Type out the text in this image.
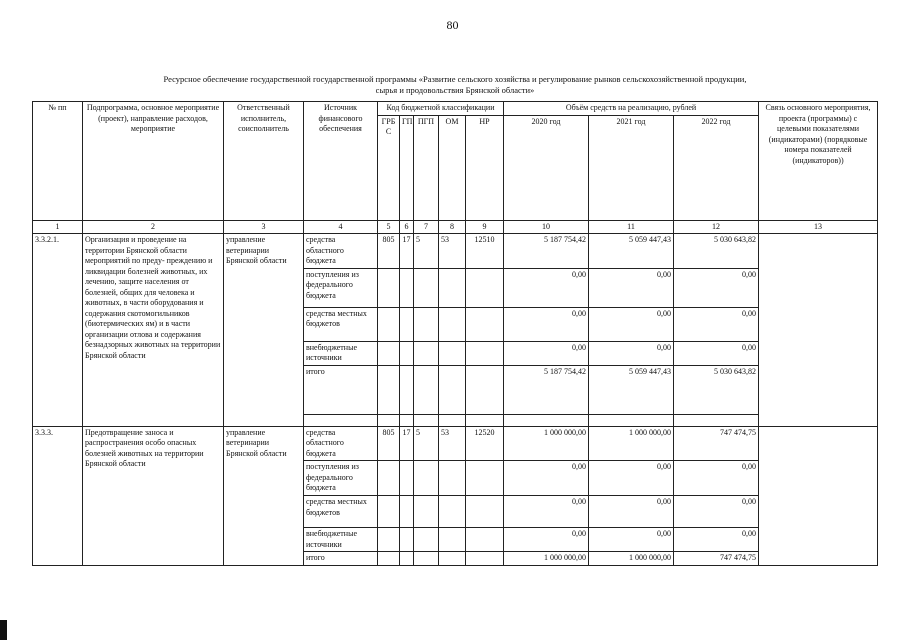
80
Ресурсное обеспечение государственной государственной программы «Развитие сельского хозяйства и регулирование рынков сельскохозяйственной продукции,
сырья и продовольствия Брянской области»
№ пп	Подпрограмма, основное мероприятие (проект), направление расходов, мероприятие	Ответственный исполнитель, соисполнитель	Источник финансового обеспечения	Код бюджетной классификации					Объём средств на реализацию, рублей			Связь основного мероприятия, проекта (программы) с целевыми показателями (индикаторами) (порядковые номера показателей (индикаторов))
				ГРБ С	ГП	ПГП	ОМ	НР	2020 год	2021 год	2022 год	
1	2	3	4	5	6	7	8	9	10	11	12	13
3.3.2.1.	Организация и проведение на территории Брянской области мероприятий по преду- преждению и ликвидации болезней животных, их лечению, защите населения от болезней, общих для человека и животных, в части оборудования и содержания скотомогильников (биотермических ям) и в части организации отлова и содержания безнадзорных животных на территории Брянской области	управление ветеринарии Брянской области	средства областного бюджета	805	17	5	53	12510	5 187 754,42	5 059 447,43	5 030 643,82	
			поступления из федерального бюджета						0,00	0,00	0,00	
			средства местных бюджетов						0,00	0,00	0,00	
			внебюджетные источники						0,00	0,00	0,00	
			итого						5 187 754,42	5 059 447,43	5 030 643,82	

3.3.3.	Предотвращение заноса и распространения особо опасных болезней животных на территории Брянской области	управление ветеринарии Брянской области	средства областного бюджета	805	17	5	53	12520	1 000 000,00	1 000 000,00	747 474,75	
			поступления из федерального бюджета						0,00	0,00	0,00	
			средства местных бюджетов						0,00	0,00	0,00	
			внебюджетные источники						0,00	0,00	0,00	
			итого						1 000 000,00	1 000 000,00	747 474,75	
